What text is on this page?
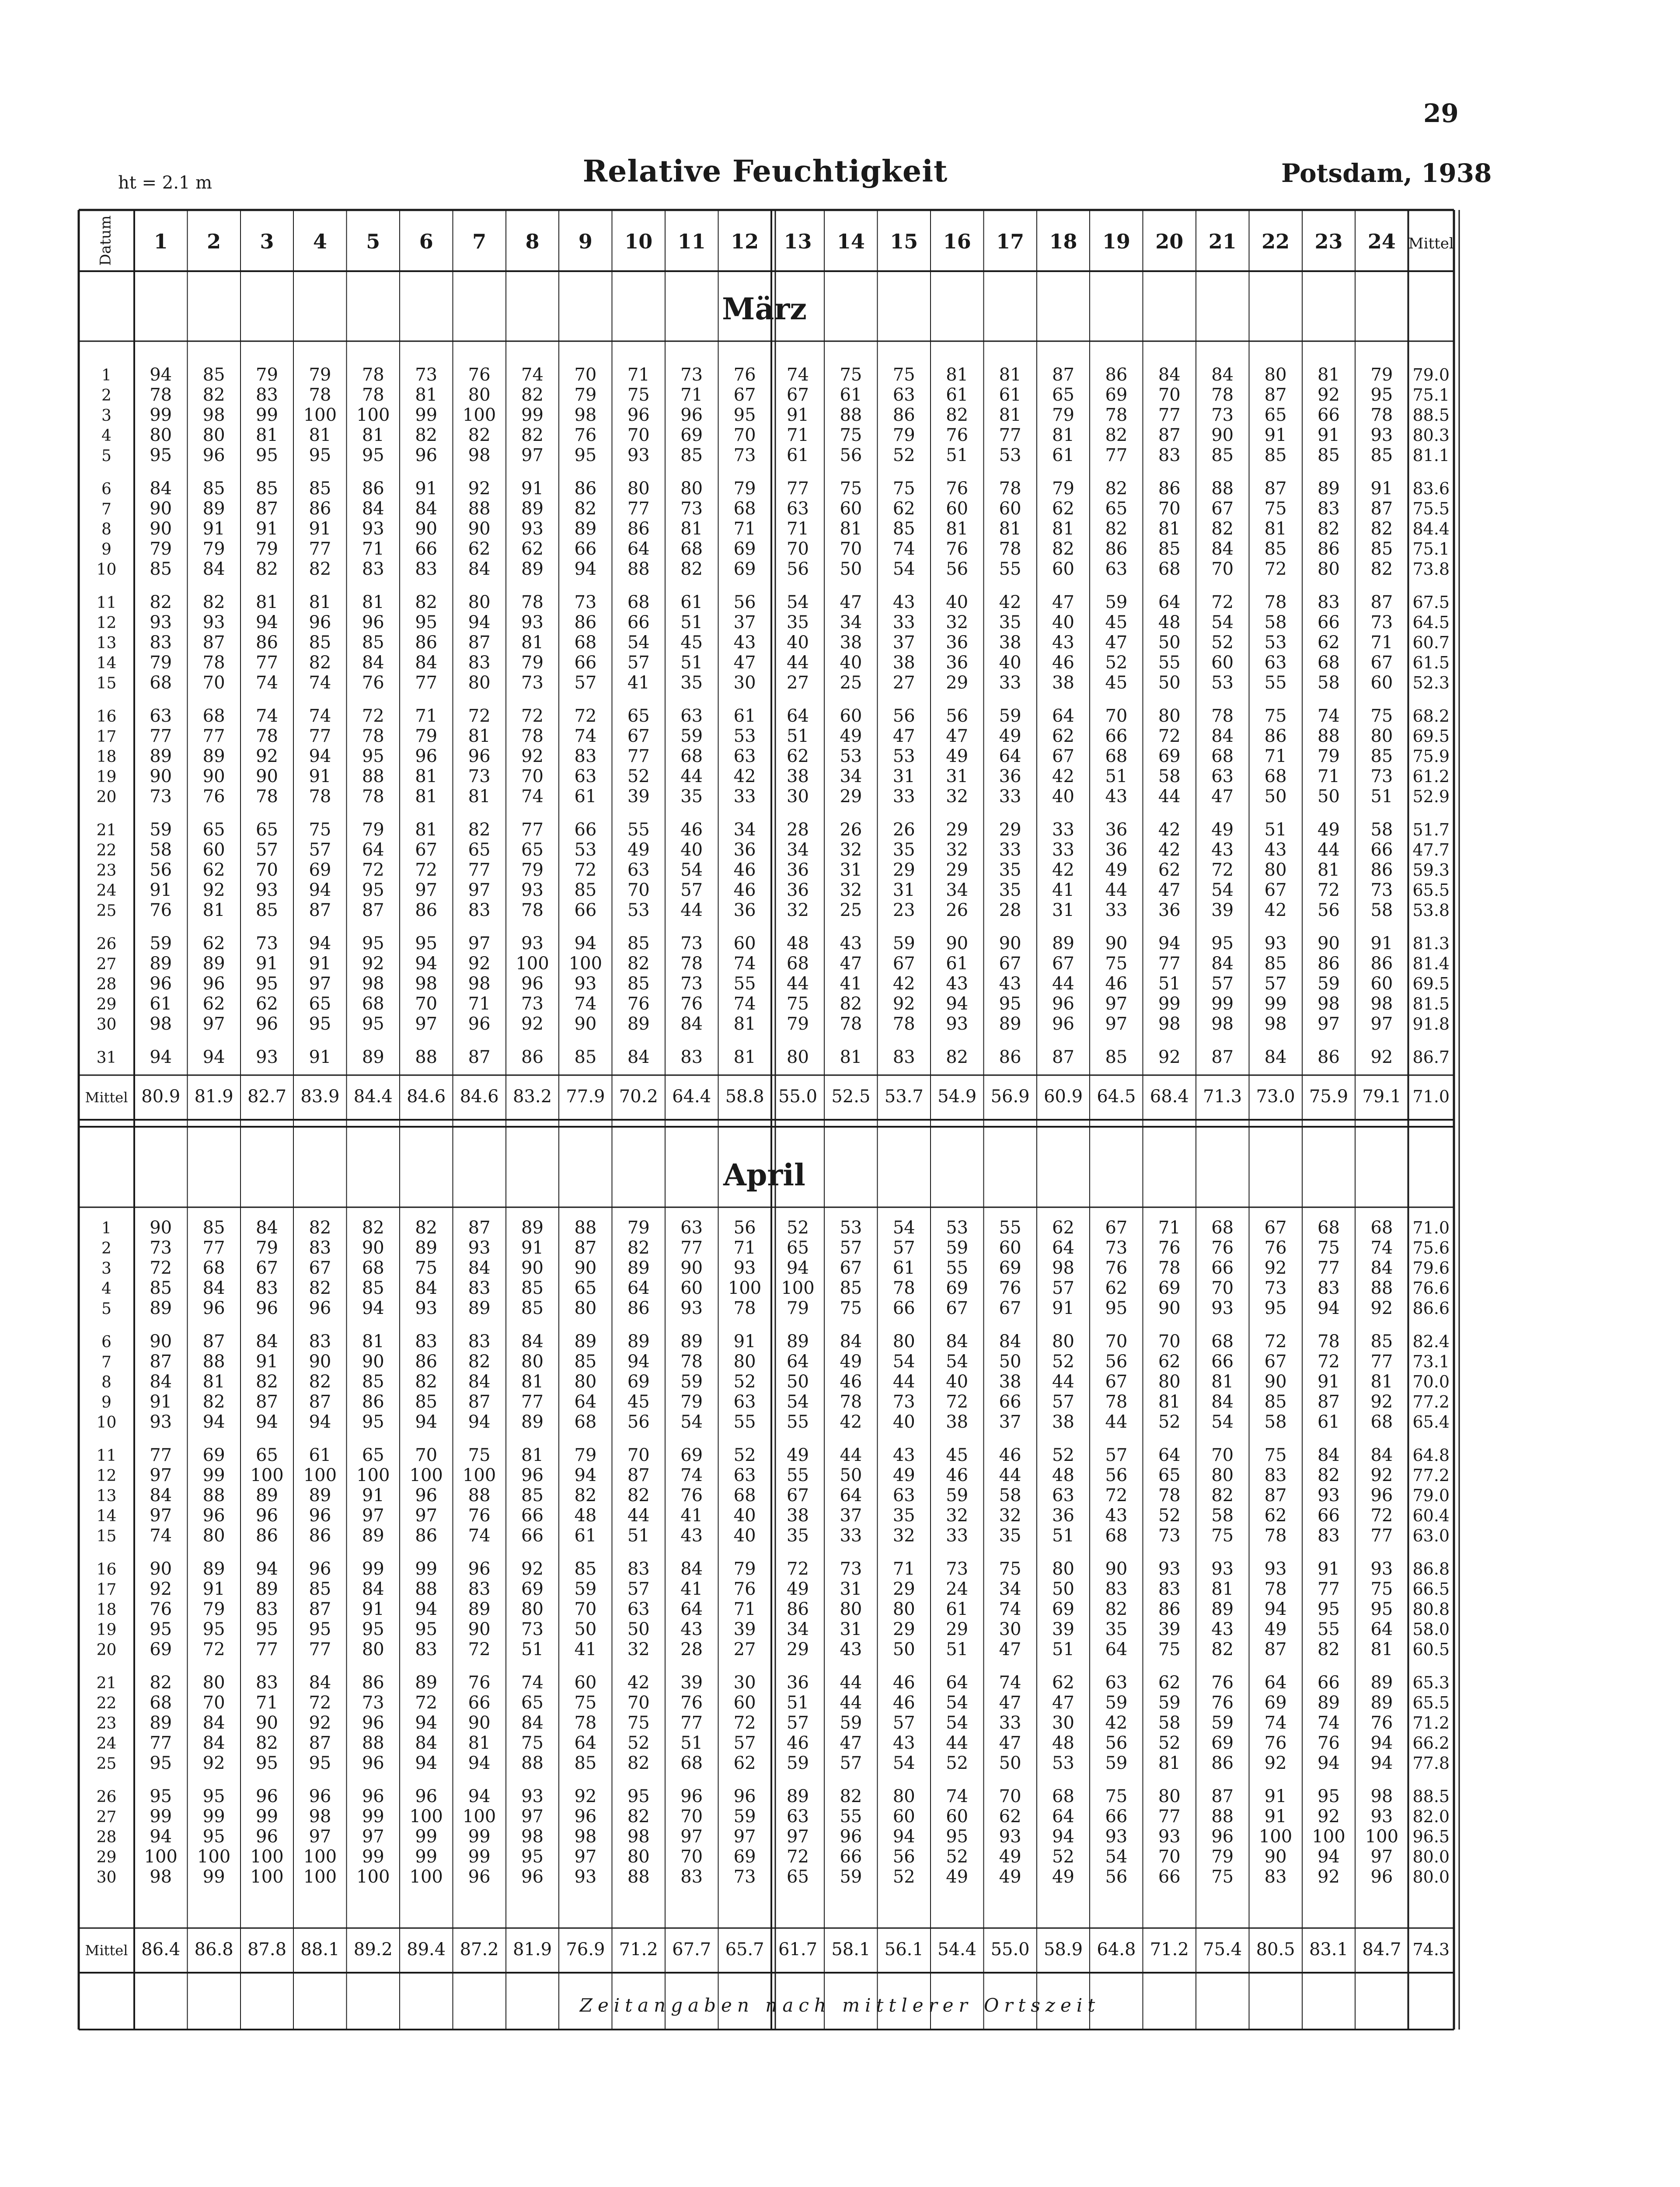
29
ht = 2.1 m	Relative Feuchtigkeit	Potsdam, 1938
Datum 1 2 3 4 5 6 7 8 9 10 11 12 13 14 15 16 17 18 19 20 21 22 23 24 Mittel
März
1 94 85 79 79 78 73 76 74 70 71 73 76 74 75 75 81 81 87 86 84 84 80 81 79 79.0
2 78 82 83 78 78 81 80 82 79 75 71 67 67 61 63 61 61 65 69 70 78 87 92 95 75.1
3 99 98 99 100 100 99 100 99 98 96 96 95 91 88 86 82 81 79 78 77 73 65 66 78 88.5
4 80 80 81 81 81 82 82 82 76 70 69 70 71 75 79 76 77 81 82 87 90 91 91 93 80.3
5 95 96 95 95 95 96 98 97 95 93 85 73 61 56 52 51 53 61 77 83 85 85 85 85 81.1
6 84 85 85 85 86 91 92 91 86 80 80 79 77 75 75 76 78 79 82 86 88 87 89 91 83.6
7 90 89 87 86 84 84 88 89 82 77 73 68 63 60 62 60 60 62 65 70 67 75 83 87 75.5
8 90 91 91 91 93 90 90 93 89 86 81 71 71 81 85 81 81 81 82 81 82 81 82 82 84.4
9 79 79 79 77 71 66 62 62 66 64 68 69 70 70 74 76 78 82 86 85 84 85 86 85 75.1
10 85 84 82 82 83 83 84 89 94 88 82 69 56 50 54 56 55 60 63 68 70 72 80 82 73.8
11 82 82 81 81 81 82 80 78 73 68 61 56 54 47 43 40 42 47 59 64 72 78 83 87 67.5
12 93 93 94 96 96 95 94 93 86 66 51 37 35 34 33 32 35 40 45 48 54 58 66 73 64.5
13 83 87 86 85 85 86 87 81 68 54 45 43 40 38 37 36 38 43 47 50 52 53 62 71 60.7
14 79 78 77 82 84 84 83 79 66 57 51 47 44 40 38 36 40 46 52 55 60 63 68 67 61.5
15 68 70 74 74 76 77 80 73 57 41 35 30 27 25 27 29 33 38 45 50 53 55 58 60 52.3
16 63 68 74 74 72 71 72 72 72 65 63 61 64 60 56 56 59 64 70 80 78 75 74 75 68.2
17 77 77 78 77 78 79 81 78 74 67 59 53 51 49 47 47 49 62 66 72 84 86 88 80 69.5
18 89 89 92 94 95 96 96 92 83 77 68 63 62 53 53 49 64 67 68 69 68 71 79 85 75.9
19 90 90 90 91 88 81 73 70 63 52 44 42 38 34 31 31 36 42 51 58 63 68 71 73 61.2
20 73 76 78 78 78 81 81 74 61 39 35 33 30 29 33 32 33 40 43 44 47 50 50 51 52.9
21 59 65 65 75 79 81 82 77 66 55 46 34 28 26 26 29 29 33 36 42 49 51 49 58 51.7
22 58 60 57 57 64 67 65 65 53 49 40 36 34 32 35 32 33 33 36 42 43 43 44 66 47.7
23 56 62 70 69 72 72 77 79 72 63 54 46 36 31 29 29 35 42 49 62 72 80 81 86 59.3
24 91 92 93 94 95 97 97 93 85 70 57 46 36 32 31 34 35 41 44 47 54 67 72 73 65.5
25 76 81 85 87 87 86 83 78 66 53 44 36 32 25 23 26 28 31 33 36 39 42 56 58 53.8
26 59 62 73 94 95 95 97 93 94 85 73 60 48 43 59 90 90 89 90 94 95 93 90 91 81.3
27 89 89 91 91 92 94 92 100 100 82 78 74 68 47 67 61 67 67 75 77 84 85 86 86 81.4
28 96 96 95 97 98 98 98 96 93 85 73 55 44 41 42 43 43 44 46 51 57 57 59 60 69.5
29 61 62 62 65 68 70 71 73 74 76 76 74 75 82 92 94 95 96 97 99 99 99 98 98 81.5
30 98 97 96 95 95 97 96 92 90 89 84 81 79 78 78 93 89 96 97 98 98 98 97 97 91.8
31 94 94 93 91 89 88 87 86 85 84 83 81 80 81 83 82 86 87 85 92 87 84 86 92 86.7
Mittel 80.9 81.9 82.7 83.9 84.4 84.6 84.6 83.2 77.9 70.2 64.4 58.8 55.0 52.5 53.7 54.9 56.9 60.9 64.5 68.4 71.3 73.0 75.9 79.1 71.0
April
1 90 85 84 82 82 82 87 89 88 79 63 56 52 53 54 53 55 62 67 71 68 67 68 68 71.0
2 73 77 79 83 90 89 93 91 87 82 77 71 65 57 57 59 60 64 73 76 76 76 75 74 75.6
3 72 68 67 67 68 75 84 90 90 89 90 93 94 67 61 55 69 98 76 78 66 92 77 84 79.6
4 85 84 83 82 85 84 83 85 65 64 60 100 100 85 78 69 76 57 62 69 70 73 83 88 76.6
5 89 96 96 96 94 93 89 85 80 86 93 78 79 75 66 67 67 91 95 90 93 95 94 92 86.6
6 90 87 84 83 81 83 83 84 89 89 89 91 89 84 80 84 84 80 70 70 68 72 78 85 82.4
7 87 88 91 90 90 86 82 80 85 94 78 80 64 49 54 54 50 52 56 62 66 67 72 77 73.1
8 84 81 82 82 85 82 84 81 80 69 59 52 50 46 44 40 38 44 67 80 81 90 91 81 70.0
9 91 82 87 87 86 85 87 77 64 45 79 63 54 78 73 72 66 57 78 81 84 85 87 92 77.2
10 93 94 94 94 95 94 94 89 68 56 54 55 55 42 40 38 37 38 44 52 54 58 61 68 65.4
11 77 69 65 61 65 70 75 81 79 70 69 52 49 44 43 45 46 52 57 64 70 75 84 84 64.8
12 97 99 100 100 100 100 100 96 94 87 74 63 55 50 49 46 44 48 56 65 80 83 82 92 77.2
13 84 88 89 89 91 96 88 85 82 82 76 68 67 64 63 59 58 63 72 78 82 87 93 96 79.0
14 97 96 96 96 97 97 76 66 48 44 41 40 38 37 35 32 32 36 43 52 58 62 66 72 60.4
15 74 80 86 86 89 86 74 66 61 51 43 40 35 33 32 33 35 51 68 73 75 78 83 77 63.0
16 90 89 94 96 99 99 96 92 85 83 84 79 72 73 71 73 75 80 90 93 93 93 91 93 86.8
17 92 91 89 85 84 88 83 69 59 57 41 76 49 31 29 24 34 50 83 83 81 78 77 75 66.5
18 76 79 83 87 91 94 89 80 70 63 64 71 86 80 80 61 74 69 82 86 89 94 95 95 80.8
19 95 95 95 95 95 95 90 73 50 50 43 39 34 31 29 29 30 39 35 39 43 49 55 64 58.0
20 69 72 77 77 80 83 72 51 41 32 28 27 29 43 50 51 47 51 64 75 82 87 82 81 60.5
21 82 80 83 84 86 89 76 74 60 42 39 30 36 44 46 64 74 62 63 62 76 64 66 89 65.3
22 68 70 71 72 73 72 66 65 75 70 76 60 51 44 46 54 47 47 59 59 76 69 89 89 65.5
23 89 84 90 92 96 94 90 84 78 75 77 72 57 59 57 54 33 30 42 58 59 74 74 76 71.2
24 77 84 82 87 88 84 81 75 64 52 51 57 46 47 43 44 47 48 56 52 69 76 76 94 66.2
25 95 92 95 95 96 94 94 88 85 82 68 62 59 57 54 52 50 53 59 81 86 92 94 94 77.8
26 95 95 96 96 96 96 94 93 92 95 96 96 89 82 80 74 70 68 75 80 87 91 95 98 88.5
27 99 99 99 98 99 100 100 97 96 82 70 59 63 55 60 60 62 64 66 77 88 91 92 93 82.0
28 94 95 96 97 97 99 99 98 98 98 97 97 97 96 94 95 93 94 93 93 96 100 100 100 96.5
29 100 100 100 100 99 99 99 95 97 80 70 69 72 66 56 52 49 52 54 70 79 90 94 97 80.0
30 98 99 100 100 100 100 96 96 93 88 83 73 65 59 52 49 49 49 56 66 75 83 92 96 80.0
Mittel 86.4 86.8 87.8 88.1 89.2 89.4 87.2 81.9 76.9 71.2 67.7 65.7 61.7 58.1 56.1 54.4 55.0 58.9 64.8 71.2 75.4 80.5 83.1 84.7 74.3
Zeitangaben nach mittlerer Ortszeit
